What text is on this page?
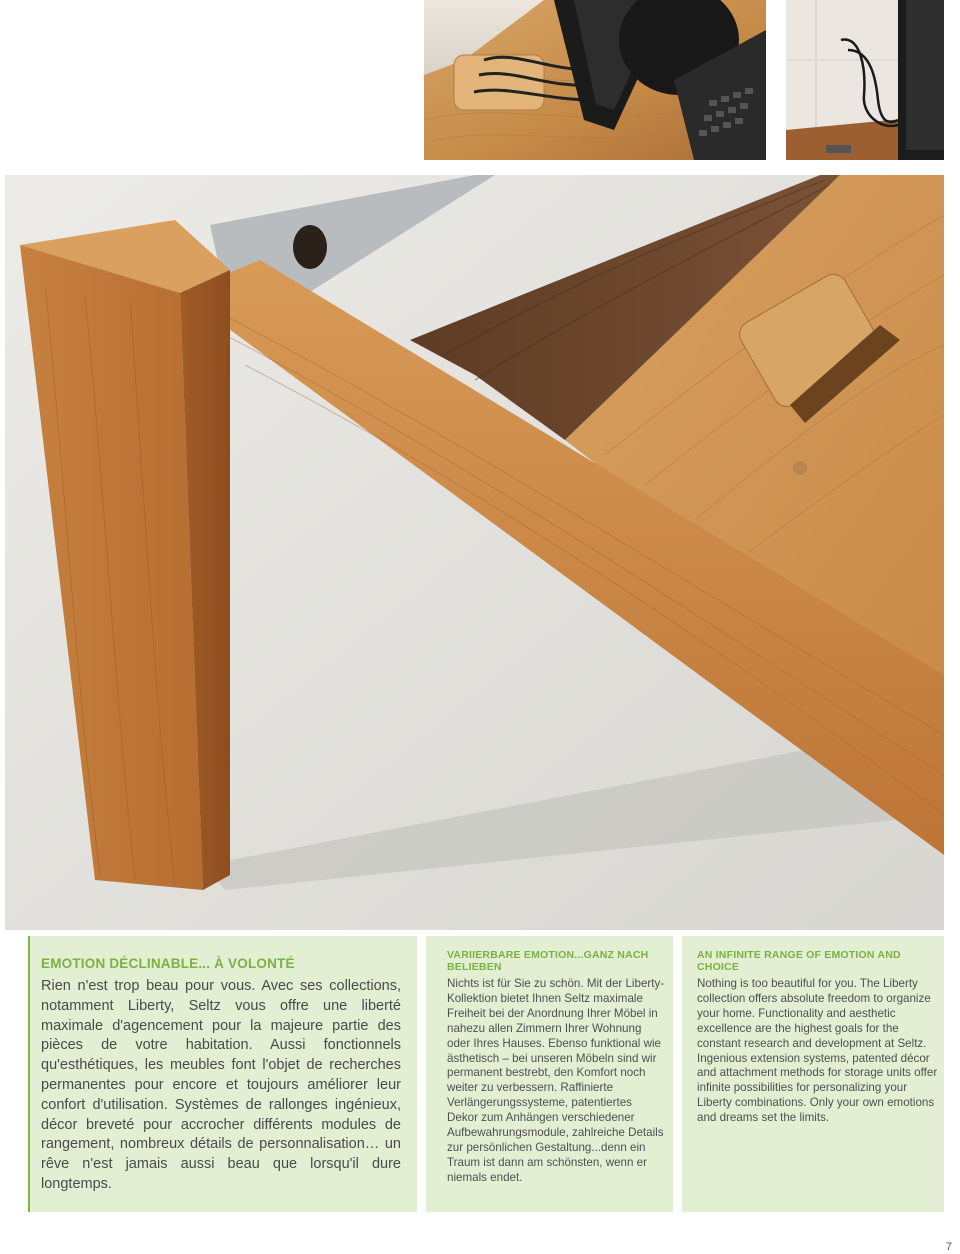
EMOTION DÉCLINABLE... À VOLONTÉ

Rien n'est trop beau pour vous. Avec ses collections, notamment Liberty, Seltz vous offre une liberté maximale d'agencement pour la majeure partie des pièces de votre habitation. Aussi fonctionnels qu'esthétiques, les meubles font l'objet de recherches permanentes pour encore et toujours améliorer leur confort d'utilisation. Systèmes de rallonges ingénieux, décor breveté pour accrocher différents modules de rangement, nombreux détails de personnalisation… un rêve n'est jamais aussi beau que lorsqu'il dure longtemps.

VARIIERBARE EMOTION...GANZ NACH BELIEBEN

Nichts ist für Sie zu schön. Mit der Liberty-Kollektion bietet Ihnen Seltz maximale Freiheit bei der Anordnung Ihrer Möbel in nahezu allen Zimmern Ihrer Wohnung oder Ihres Hauses. Ebenso funktional wie ästhetisch – bei unseren Möbeln sind wir permanent bestrebt, den Komfort noch weiter zu verbessern. Raffinierte Verlängerungssysteme, patentiertes Dekor zum Anhängen verschiedener Aufbewahrungsmodule, zahlreiche Details zur persönlichen Gestaltung...denn ein Traum ist dann am schönsten, wenn er niemals endet.

AN INFINITE RANGE OF EMOTION AND CHOICE

Nothing is too beautiful for you. The Liberty collection offers absolute freedom to organize your home. Functionality and aesthetic excellence are the highest goals for the constant research and development at Seltz. Ingenious extension systems, patented décor and attachment methods for storage units offer infinite possibilities for personalizing your Liberty combinations. Only your own emotions and dreams set the limits.

7
